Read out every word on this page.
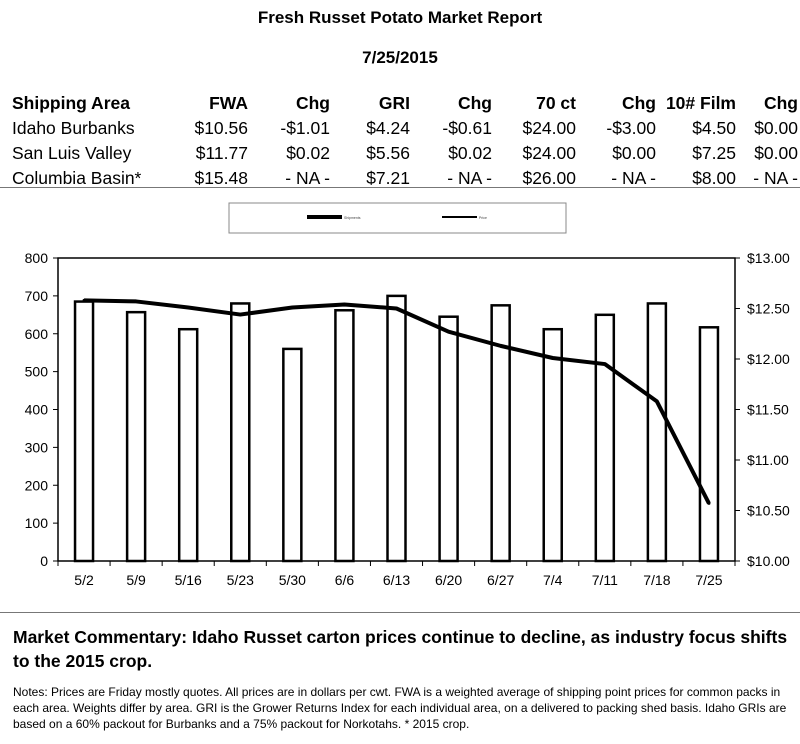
Fresh Russet Potato Market Report
7/25/2015
Shipping Area	FWA	Chg	GRI	Chg	70 ct	Chg	10# Film	Chg
Idaho Burbanks	$10.56	-$1.01	$4.24	-$0.61	$24.00	-$3.00	$4.50	$0.00
San Luis Valley	$11.77	$0.02	$5.56	$0.02	$24.00	$0.00	$7.25	$0.00
Columbia Basin*	$15.48	- NA -	$7.21	- NA -	$26.00	- NA -	$8.00	- NA -
Shipments	Price
0
100
200
300
400
500
600
700
800
$10.00
$10.50
$11.00
$11.50
$12.00
$12.50
$13.00
5/2 5/9 5/16 5/23 5/30 6/6 6/13 6/20 6/27 7/4 7/11 7/18 7/25
Market Commentary: Idaho Russet carton prices continue to decline, as industry focus shifts to the 2015 crop.
Notes: Prices are Friday mostly quotes. All prices are in dollars per cwt. FWA is a weighted average of shipping point prices for common packs in each area. Weights differ by area. GRI is the Grower Returns Index for each individual area, on a delivered to packing shed basis. Idaho GRIs are based on a 60% packout for Burbanks and a 75% packout for Norkotahs. * 2015 crop.
